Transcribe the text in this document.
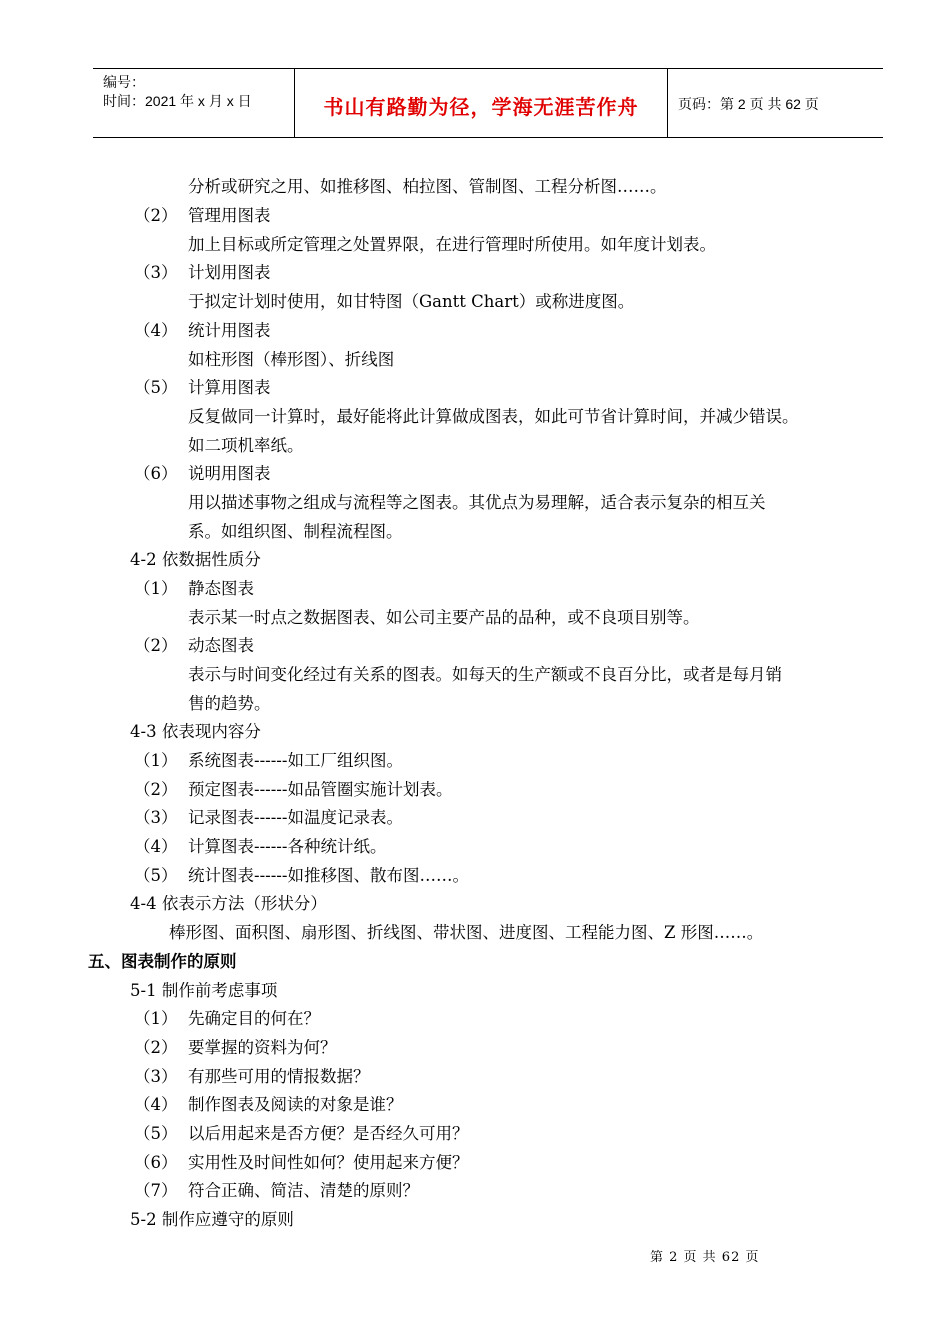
编号：
时间：2021 年 x 月 x 日	书山有路勤为径，学海无涯苦作舟	页码：第 2 页 共 62 页
分析或研究之用、如推移图、柏拉图、管制图、工程分析图……。
（2） 管理用图表
加上目标或所定管理之处置界限，在进行管理时所使用。如年度计划表。
（3） 计划用图表
于拟定计划时使用，如甘特图（Gantt Chart）或称进度图。
（4） 统计用图表
如柱形图（棒形图）、折线图
（5） 计算用图表
反复做同一计算时，最好能将此计算做成图表，如此可节省计算时间，并减少错误。
如二项机率纸。
（6） 说明用图表
用以描述事物之组成与流程等之图表。其优点为易理解，适合表示复杂的相互关
系。如组织图、制程流程图。
4-2 依数据性质分
（1） 静态图表
表示某一时点之数据图表、如公司主要产品的品种，或不良项目别等。
（2） 动态图表
表示与时间变化经过有关系的图表。如每天的生产额或不良百分比，或者是每月销
售的趋势。
4-3 依表现内容分
（1） 系统图表------如工厂组织图。
（2） 预定图表------如品管圈实施计划表。
（3） 记录图表------如温度记录表。
（4） 计算图表------各种统计纸。
（5） 统计图表------如推移图、散布图……。
4-4 依表示方法（形状分）
棒形图、面积图、扇形图、折线图、带状图、进度图、工程能力图、Z 形图……。
五、图表制作的原则
5-1 制作前考虑事项
（1） 先确定目的何在？
（2） 要掌握的资料为何？
（3） 有那些可用的情报数据？
（4） 制作图表及阅读的对象是谁？
（5） 以后用起来是否方便？是否经久可用？
（6） 实用性及时间性如何？使用起来方便？
（7） 符合正确、简洁、清楚的原则？
5-2 制作应遵守的原则
第 2 页 共 62 页
